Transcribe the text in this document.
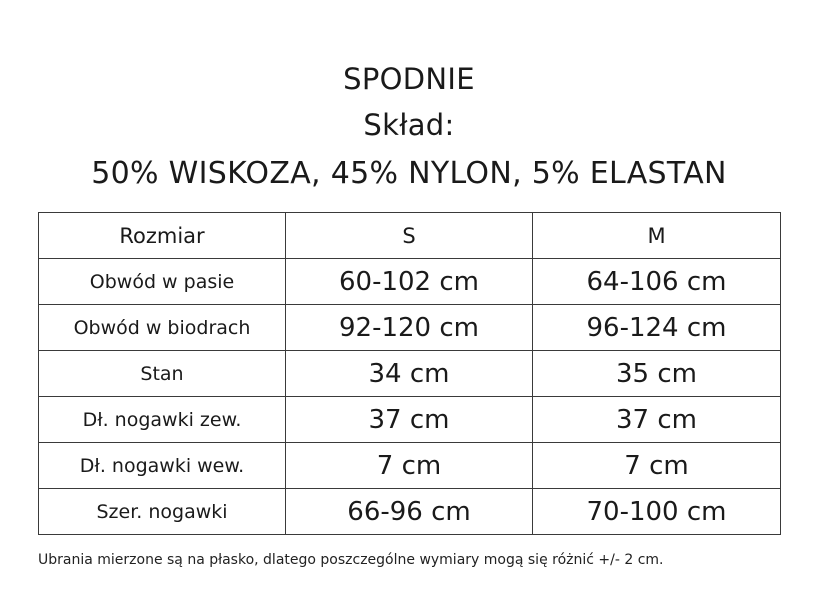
SPODNIE
Skład:
50% WISKOZA, 45% NYLON, 5% ELASTAN
Rozmiar	S	M
Obwód w pasie	60-102 cm	64-106 cm
Obwód w biodrach	92-120 cm	96-124 cm
Stan	34 cm	35 cm
Dł. nogawki zew.	37 cm	37 cm
Dł. nogawki wew.	7 cm	7 cm
Szer. nogawki	66-96 cm	70-100 cm
Ubrania mierzone są na płasko, dlatego poszczególne wymiary mogą się różnić +/- 2 cm.
